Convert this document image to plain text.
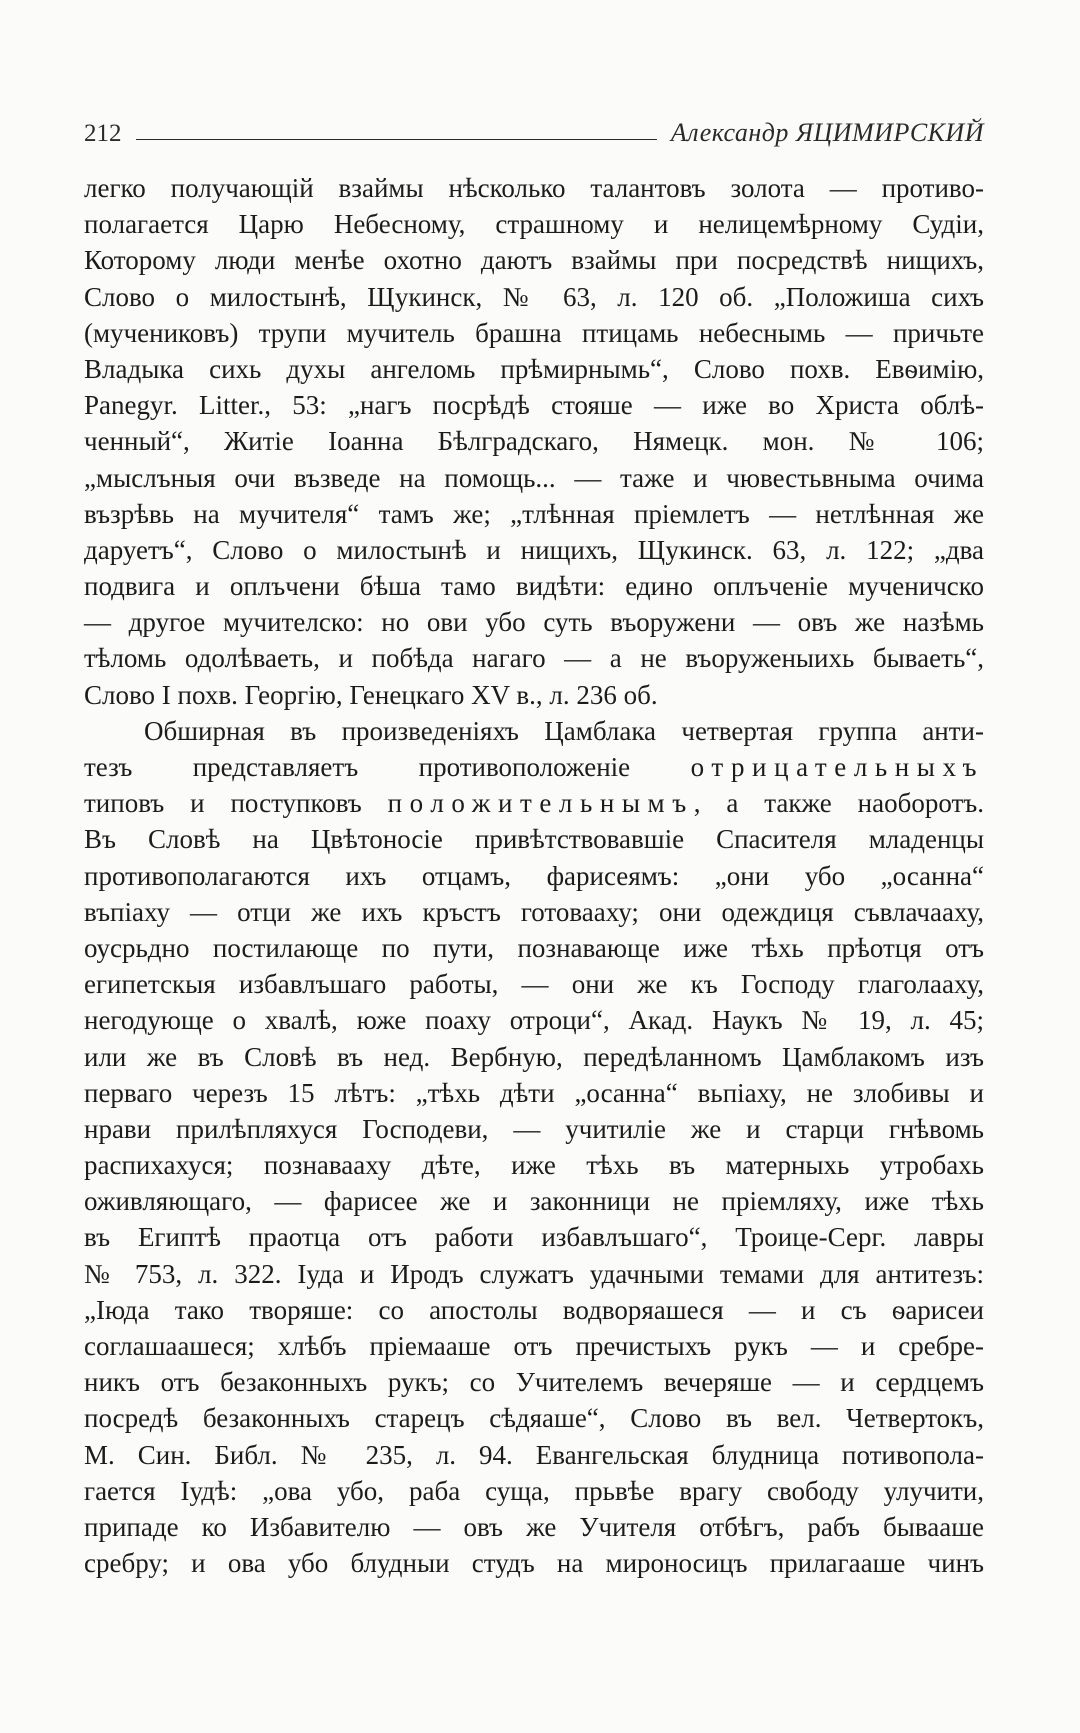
212	Александр ЯЦИМИРСКИЙ
легко получающій взаймы нѣсколько талантовъ золота — противо-
полагается Царю Небесному, страшному и нелицемѣрному Судіи,
Которому люди менѣе охотно даютъ взаймы при посредствѣ нищихъ,
Слово о милостынѣ, Щукинск, № 63, л. 120 об. „Положиша сихъ
(мучениковъ) трупи мучитель брашна птицамь небеснымь — причьте
Владыка сихь духы ангеломь прѣмирнымь“, Слово похв. Евѳимію,
Panegyr. Litter., 53: „нагъ посрѣдѣ стояше — иже во Христа облѣ-
ченный“, Житіе Іоанна Бѣлградскаго, Нямецк. мон. № 106;
„мыслъныя очи възведе на помощь... — таже и чювестьвныма очима
възрѣвь на мучителя“ тамъ же; „тлѣнная пріемлетъ — нетлѣнная же
даруетъ“, Слово о милостынѣ и нищихъ, Щукинск. 63, л. 122; „два
подвига и оплъчени бѣша тамо видѣти: едино оплъченіе мученичско
— другое мучителско: но ови убо суть въоружени — овъ же назѣмь
тѣломь одолѣваеть, и побѣда нагаго — а не въоруженыихь бываеть“,
Слово I похв. Георгію, Генецкаго XV в., л. 236 об.
Обширная въ произведеніяхъ Цамблака четвертая группа анти-
тезъ представляетъ противоположеніе отрицательныхъ
типовъ и поступковъ положительнымъ, а также наоборотъ.
Въ Словѣ на Цвѣтоносіе привѣтствовавшіе Спасителя младенцы
противополагаются ихъ отцамъ, фарисеямъ: „они убо „осанна“
въпіаху — отци же ихъ кръстъ готовааху; они одеждиця съвлачааху,
оусрьдно постилающе по пути, познавающе иже тѣхь прѣотця отъ
египетскыя избавлъшаго работы, — они же къ Господу глаголааху,
негодующе о хвалѣ, юже поаху отроци“, Акад. Наукъ № 19, л. 45;
или же въ Словѣ въ нед. Вербную, передѣланномъ Цамблакомъ изъ
перваго черезъ 15 лѣтъ: „тѣхь дѣти „осанна“ вьпіаху, не злобивы и
нрави прилѣпляхуся Господеви, — учитиліе же и старци гнѣвомь
распихахуся; познавааху дѣте, иже тѣхь въ матерныхь утробахь
оживляющаго, — фарисее же и законници не пріемляху, иже тѣхь
въ Египтѣ праотца отъ работи избавлъшаго“, Троице-Серг. лавры
№ 753, л. 322. Іуда и Иродъ служатъ удачными темами для антитезъ:
„Іюда тако творяше: со апостолы водворяашеся — и съ ѳарисеи
соглашаашеся; хлѣбъ пріемааше отъ пречистыхъ рукъ — и сребре-
никъ отъ безаконныхъ рукъ; со Учителемъ вечеряше — и сердцемъ
посредѣ безаконныхъ старецъ сѣдяаше“, Слово въ вел. Четвертокъ,
М. Син. Библ. № 235, л. 94. Евангельская блудница потивопола-
гается Іудѣ: „ова убо, раба суща, прьвѣе врагу свободу улучити,
припаде ко Избавителю — овъ же Учителя отбѣгъ, рабъ бывааше
сребру; и ова убо блудныи студъ на мироносицъ прилагааше чинъ
